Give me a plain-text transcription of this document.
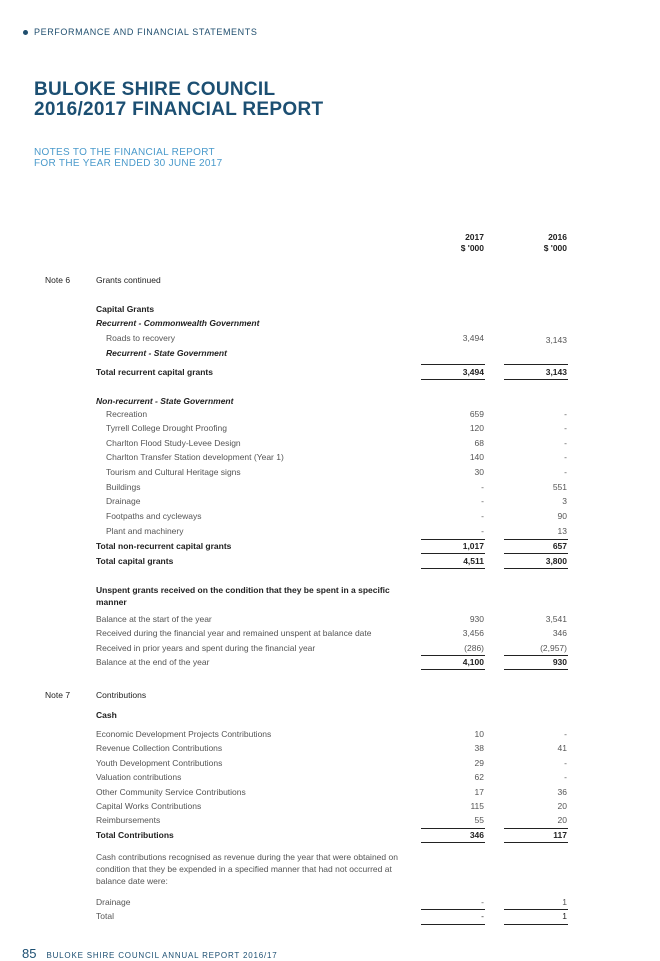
PERFORMANCE AND FINANCIAL STATEMENTS
BULOKE SHIRE COUNCIL
2016/2017 FINANCIAL REPORT
NOTES TO THE FINANCIAL REPORT
FOR THE YEAR ENDED 30 JUNE 2017
2017
$ '000
2016
$ '000
Note 6	Grants continued
Capital Grants
Recurrent - Commonwealth Government
Roads to recovery	3,494	3,143
Recurrent - State Government
Total recurrent capital grants	3,494	3,143
Non-recurrent - State Government
Recreation	659	-
Tyrrell College Drought Proofing	120	-
Charlton Flood Study-Levee Design	68	-
Charlton Transfer Station development (Year 1)	140	-
Tourism and Cultural Heritage signs	30	-
Buildings	-	551
Drainage	-	3
Footpaths and cycleways	-	90
Plant and machinery	-	13
Total non-recurrent capital grants	1,017	657
Total capital grants	4,511	3,800
Unspent grants received on the condition that they be spent in a specific
manner
Balance at the start of the year	930	3,541
Received during the financial year and remained unspent at balance date	3,456	346
Received in prior years and spent during the financial year	(286)	(2,957)
Balance at the end of the year	4,100	930
Note 7	Contributions
Cash
Economic Development Projects Contributions	10	-
Revenue Collection Contributions	38	41
Youth Development Contributions	29	-
Valuation contributions	62	-
Other Community Service Contributions	17	36
Capital Works Contributions	115	20
Reimbursements	55	20
Total Contributions	346	117
Cash contributions recognised as revenue during the year that were obtained on
condition that they be expended in a specified manner that had not occurred at
balance date were:
Drainage	-	1
Total	-	1
85 BULOKE SHIRE COUNCIL ANNUAL REPORT 2016/17
